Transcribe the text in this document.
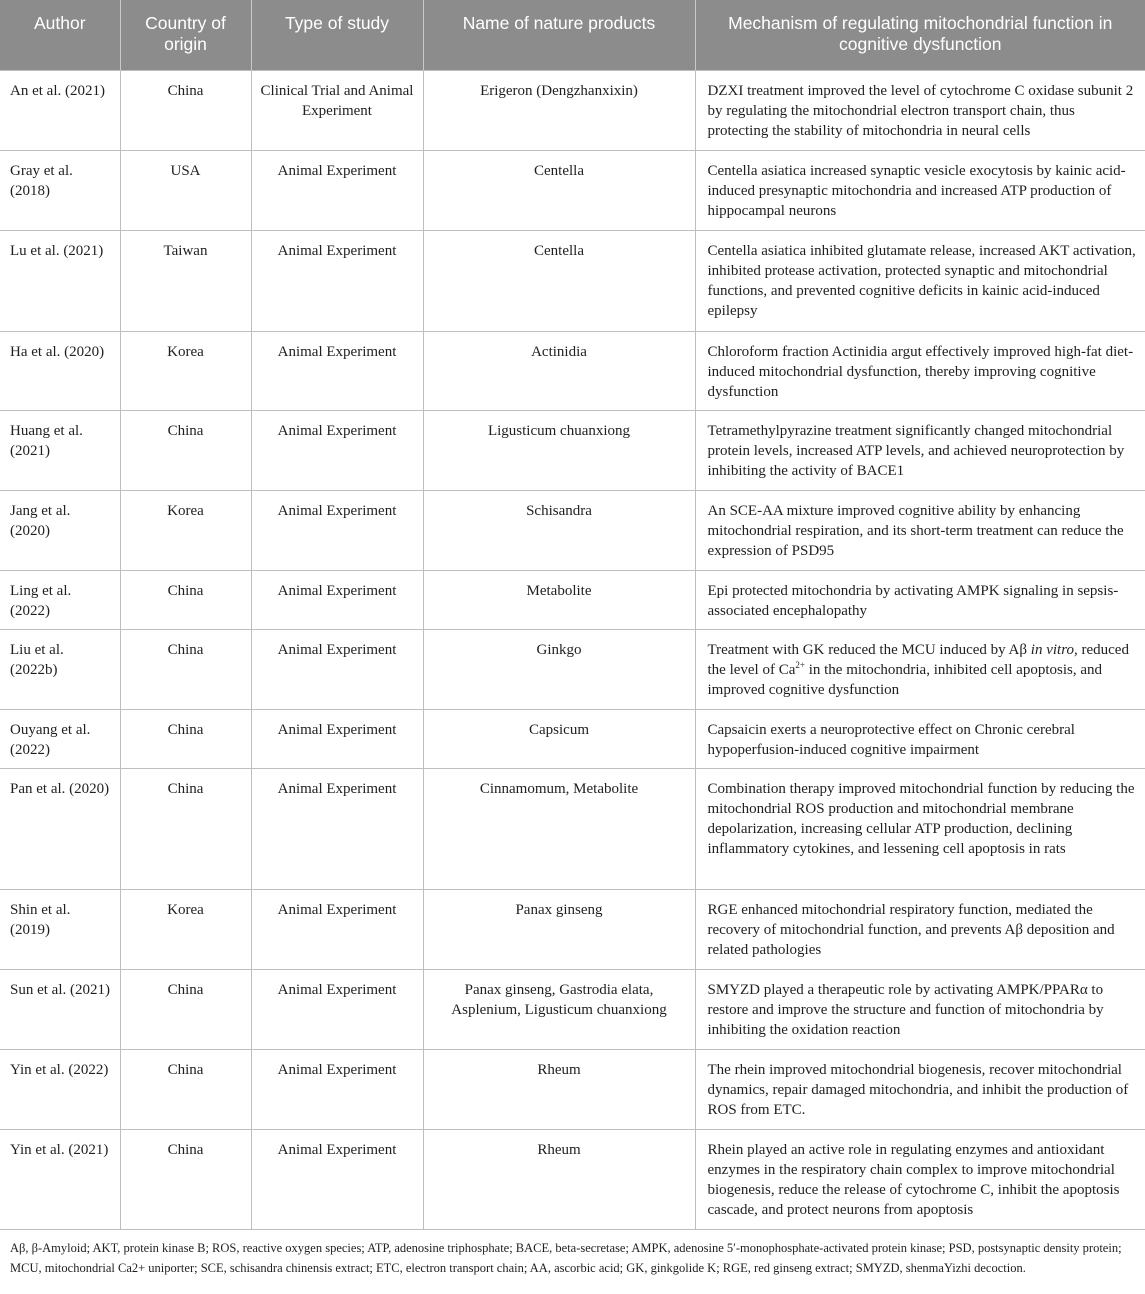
Author	Country of origin	Type of study	Name of nature products	Mechanism of regulating mitochondrial function in cognitive dysfunction
An et al. (2021)	China	Clinical Trial and Animal Experiment	Erigeron (Dengzhanxixin)	DZXI treatment improved the level of cytochrome C oxidase subunit 2 by regulating the mitochondrial electron transport chain, thus protecting the stability of mitochondria in neural cells
Gray et al. (2018)	USA	Animal Experiment	Centella	Centella asiatica increased synaptic vesicle exocytosis by kainic acid-induced presynaptic mitochondria and increased ATP production of hippocampal neurons
Lu et al. (2021)	Taiwan	Animal Experiment	Centella	Centella asiatica inhibited glutamate release, increased AKT activation, inhibited protease activation, protected synaptic and mitochondrial functions, and prevented cognitive deficits in kainic acid-induced epilepsy
Ha et al. (2020)	Korea	Animal Experiment	Actinidia	Chloroform fraction Actinidia argut effectively improved high-fat diet-induced mitochondrial dysfunction, thereby improving cognitive dysfunction
Huang et al. (2021)	China	Animal Experiment	Ligusticum chuanxiong	Tetramethylpyrazine treatment significantly changed mitochondrial protein levels, increased ATP levels, and achieved neuroprotection by inhibiting the activity of BACE1
Jang et al. (2020)	Korea	Animal Experiment	Schisandra	An SCE-AA mixture improved cognitive ability by enhancing mitochondrial respiration, and its short-term treatment can reduce the expression of PSD95
Ling et al. (2022)	China	Animal Experiment	Metabolite	Epi protected mitochondria by activating AMPK signaling in sepsis-associated encephalopathy
Liu et al. (2022b)	China	Animal Experiment	Ginkgo	Treatment with GK reduced the MCU induced by Aβ in vitro, reduced the level of $Ca^{2+}$ in the mitochondria, inhibited cell apoptosis, and improved cognitive dysfunction
Ouyang et al. (2022)	China	Animal Experiment	Capsicum	Capsaicin exerts a neuroprotective effect on Chronic cerebral hypoperfusion-induced cognitive impairment
Pan et al. (2020)	China	Animal Experiment	Cinnamomum, Metabolite	Combination therapy improved mitochondrial function by reducing the mitochondrial ROS production and mitochondrial membrane depolarization, increasing cellular ATP production, declining inflammatory cytokines, and lessening cell apoptosis in rats
Shin et al. (2019)	Korea	Animal Experiment	Panax ginseng	RGE enhanced mitochondrial respiratory function, mediated the recovery of mitochondrial function, and prevents Aβ deposition and related pathologies
Sun et al. (2021)	China	Animal Experiment	Panax ginseng, Gastrodia elata, Asplenium, Ligusticum chuanxiong	SMYZD played a therapeutic role by activating AMPK/PPARα to restore and improve the structure and function of mitochondria by inhibiting the oxidation reaction
Yin et al. (2022)	China	Animal Experiment	Rheum	The rhein improved mitochondrial biogenesis, recover mitochondrial dynamics, repair damaged mitochondria, and inhibit the production of ROS from ETC.
Yin et al. (2021)	China	Animal Experiment	Rheum	Rhein played an active role in regulating enzymes and antioxidant enzymes in the respiratory chain complex to improve mitochondrial biogenesis, reduce the release of cytochrome C, inhibit the apoptosis cascade, and protect neurons from apoptosis
Aβ, β-Amyloid; AKT, protein kinase B; ROS, reactive oxygen species; ATP, adenosine triphosphate; BACE, beta-secretase; AMPK, adenosine 5′-monophosphate-activated protein kinase; PSD, postsynaptic density protein; MCU, mitochondrial Ca2+ uniporter; SCE, schisandra chinensis extract; ETC, electron transport chain; AA, ascorbic acid; GK, ginkgolide K; RGE, red ginseng extract; SMYZD, shenmaYizhi decoction.
